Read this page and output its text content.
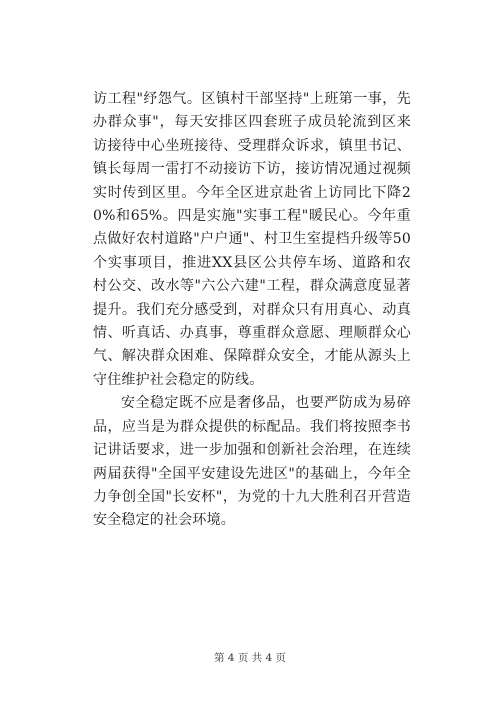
访工程"纾怨气。区镇村干部坚持"上班第一事，先办群众事"，每天安排区四套班子成员轮流到区来访接待中心坐班接待、受理群众诉求，镇里书记、镇长每周一雷打不动接访下访，接访情况通过视频实时传到区里。今年全区进京赴省上访同比下降20%和65%。四是实施"实事工程"暖民心。今年重点做好农村道路"户户通"、村卫生室提档升级等50个实事项目，推进XX县区公共停车场、道路和农村公交、改水等"六公六建"工程，群众满意度显著提升。我们充分感受到，对群众只有用真心、动真情、听真话、办真事，尊重群众意愿、理顺群众心气、解决群众困难、保障群众安全，才能从源头上守住维护社会稳定的防线。

安全稳定既不应是奢侈品，也要严防成为易碎品，应当是为群众提供的标配品。我们将按照李书记讲话要求，进一步加强和创新社会治理，在连续两届获得"全国平安建设先进区"的基础上，今年全力争创全国"长安杯"，为党的十九大胜利召开营造安全稳定的社会环境。

第 4 页 共 4 页
